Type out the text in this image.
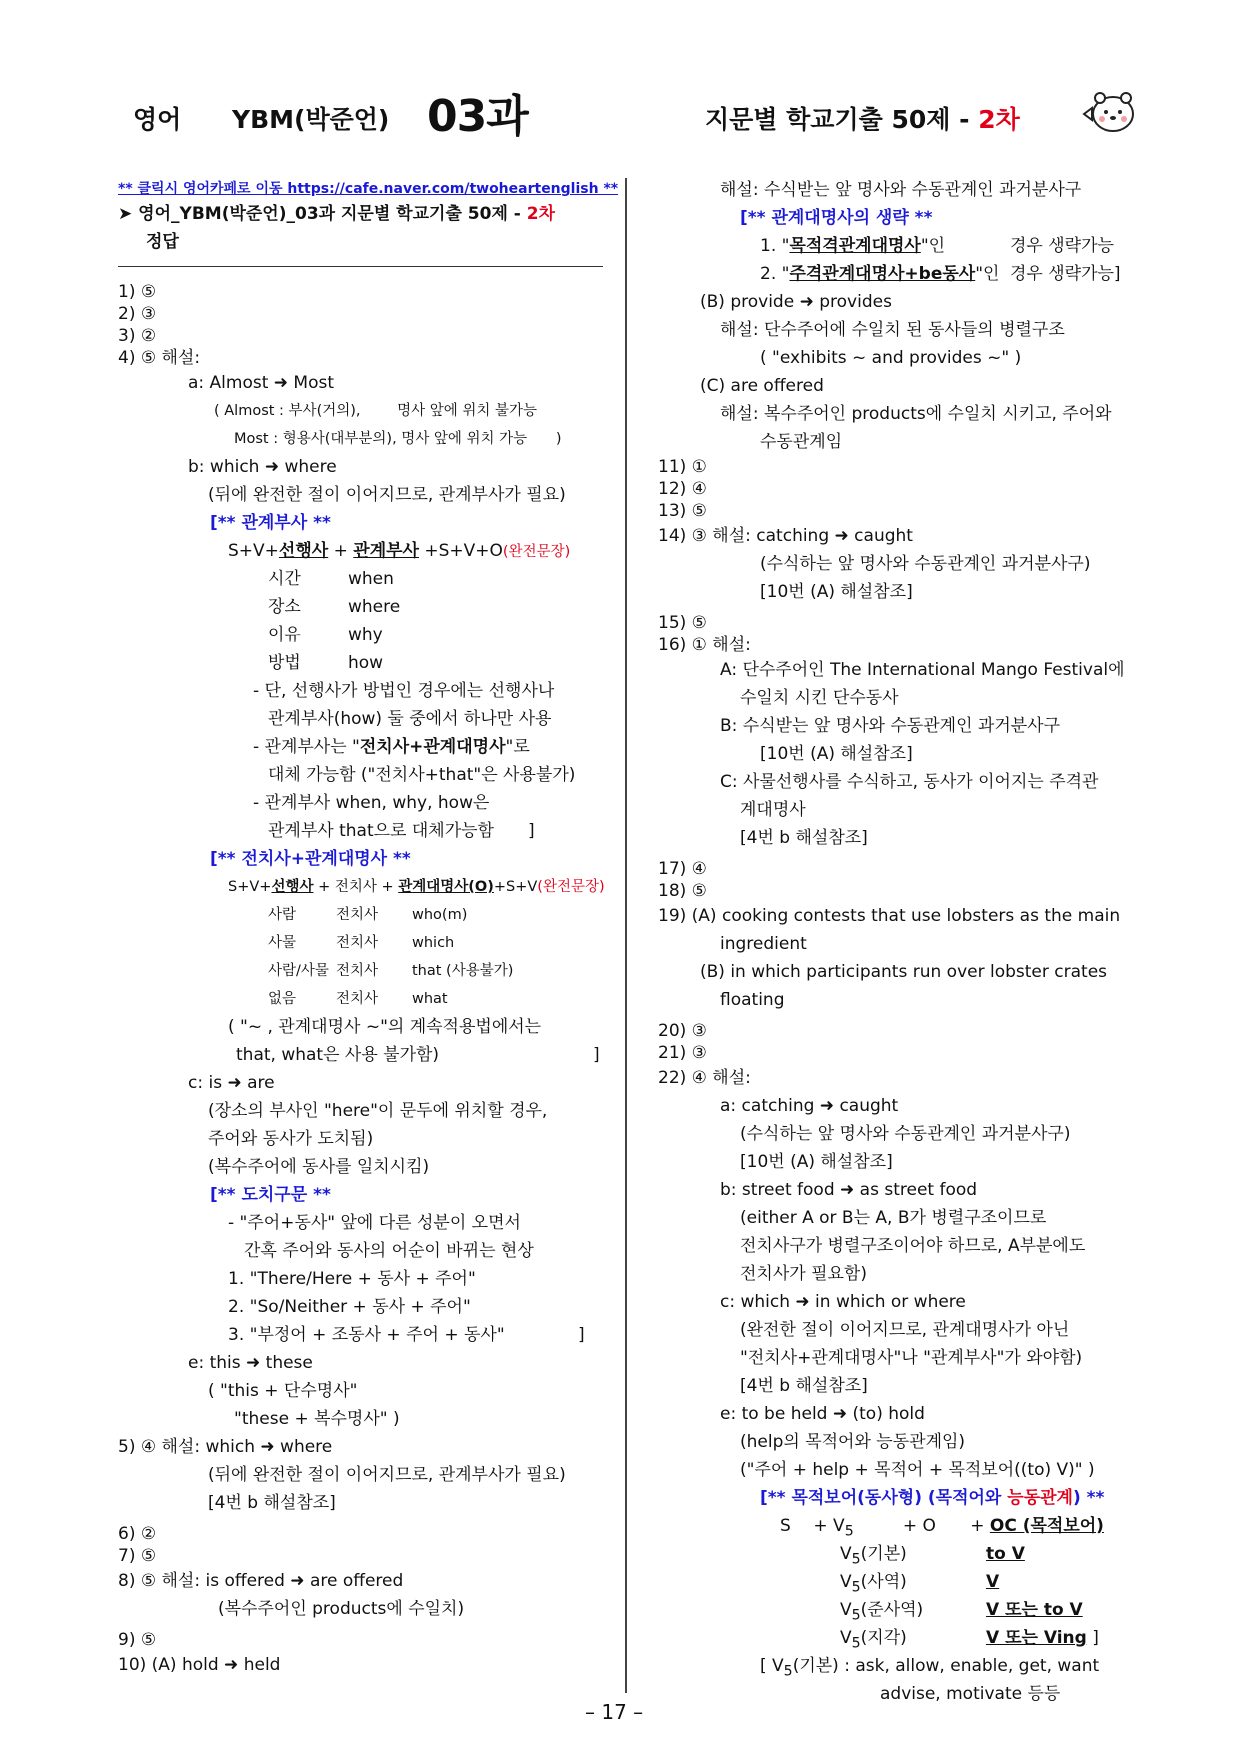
영어 YBM(박준언) 03과	지문별 학교기출 50제 - 2차
** 클릭시 영어카페로 이동 https://cafe.naver.com/twoheartenglish **
➤ 영어_YBM(박준언)_03과 지문별 학교기출 50제 - 2차
정답
1) ⑤
2) ③
3) ②
4) ⑤ 해설:
a: Almost ➜ Most
( Almost : 부사(거의),	명사 앞에 위치 불가능
Most : 형용사(대부분의), 명사 앞에 위치 가능 )
b: which ➜ where
(뒤에 완전한 절이 이어지므로, 관계부사가 필요)
[** 관계부사 **
S+V+선행사 + 관계부사 +S+V+O(완전문장)
시간	when
장소	where
이유	why
방법	how
- 단, 선행사가 방법인 경우에는 선행사나
관계부사(how) 둘 중에서 하나만 사용
- 관계부사는 "전치사+관계대명사"로
대체 가능함 ("전치사+that"은 사용불가)
- 관계부사 when, why, how은
관계부사 that으로 대체가능함 ]
[** 전치사+관계대명사 **
S+V+선행사 + 전치사 + 관계대명사(O)+S+V(완전문장)
사람	전치사 who(m)
사물	전치사 which
사람/사물 전치사 that (사용불가)
없음	전치사 what
( "~ , 관계대명사 ~"의 계속적용법에서는
that, what은 사용 불가함)	]
c: is ➜ are
(장소의 부사인 "here"이 문두에 위치할 경우,
주어와 동사가 도치됨)
(복수주어에 동사를 일치시킴)
[** 도치구문 **
- "주어+동사" 앞에 다른 성분이 오면서
간혹 주어와 동사의 어순이 바뀌는 현상
1. "There/Here + 동사 + 주어"
2. "So/Neither + 동사 + 주어"
3. "부정어 + 조동사 + 주어 + 동사"	]
e: this ➜ these
( "this + 단수명사"
"these + 복수명사" )
5) ④ 해설: which ➜ where
(뒤에 완전한 절이 이어지므로, 관계부사가 필요)
[4번 b 해설참조]
6) ②
7) ⑤
8) ⑤ 해설: is offered ➜ are offered
(복수주어인 products에 수일치)
9) ⑤
10) (A) hold ➜ held
해설: 수식받는 앞 명사와 수동관계인 과거분사구
[** 관계대명사의 생략 **
1. "목적격관계대명사"인	경우 생략가능
2. "주격관계대명사+be동사"인 경우 생략가능]
(B) provide ➜ provides
해설: 단수주어에 수일치 된 동사들의 병렬구조
( "exhibits ~ and provides ~" )
(C) are offered
해설: 복수주어인 products에 수일치 시키고, 주어와
수동관계임
11) ①
12) ④
13) ⑤
14) ③ 해설: catching ➜ caught
(수식하는 앞 명사와 수동관계인 과거분사구)
[10번 (A) 해설참조]
15) ⑤
16) ① 해설:
A: 단수주어인 The International Mango Festival에
수일치 시킨 단수동사
B: 수식받는 앞 명사와 수동관계인 과거분사구
[10번 (A) 해설참조]
C: 사물선행사를 수식하고, 동사가 이어지는 주격관
계대명사
[4번 b 해설참조]
17) ④
18) ⑤
19) (A) cooking contests that use lobsters as the main
ingredient
(B) in which participants run over lobster crates
floating
20) ③
21) ③
22) ④ 해설:
a: catching ➜ caught
(수식하는 앞 명사와 수동관계인 과거분사구)
[10번 (A) 해설참조]
b: street food ➜ as street food
(either A or B는 A, B가 병렬구조이므로
전치사구가 병렬구조이어야 하므로, A부분에도
전치사가 필요함)
c: which ➜ in which or where
(완전한 절이 이어지므로, 관계대명사가 아닌
"전치사+관계대명사"나 "관계부사"가 와야함)
[4번 b 해설참조]
e: to be held ➜ (to) hold
(help의 목적어와 능동관계임)
("주어 + help + 목적어 + 목적보어((to) V)" )
[** 목적보어(동사형) (목적어와 능동관계) **
$S + V_5$	+ O + OC (목적보어)
$V_5$(기본)	to V
$V_5$(사역)	V
$V_5$(준사역)	V 또는 to V
$V_5$(지각)	V 또는 Ving ]
[ $V_5$(기본) : ask, allow, enable, get, want
advise, motivate 등등
– 17 –
